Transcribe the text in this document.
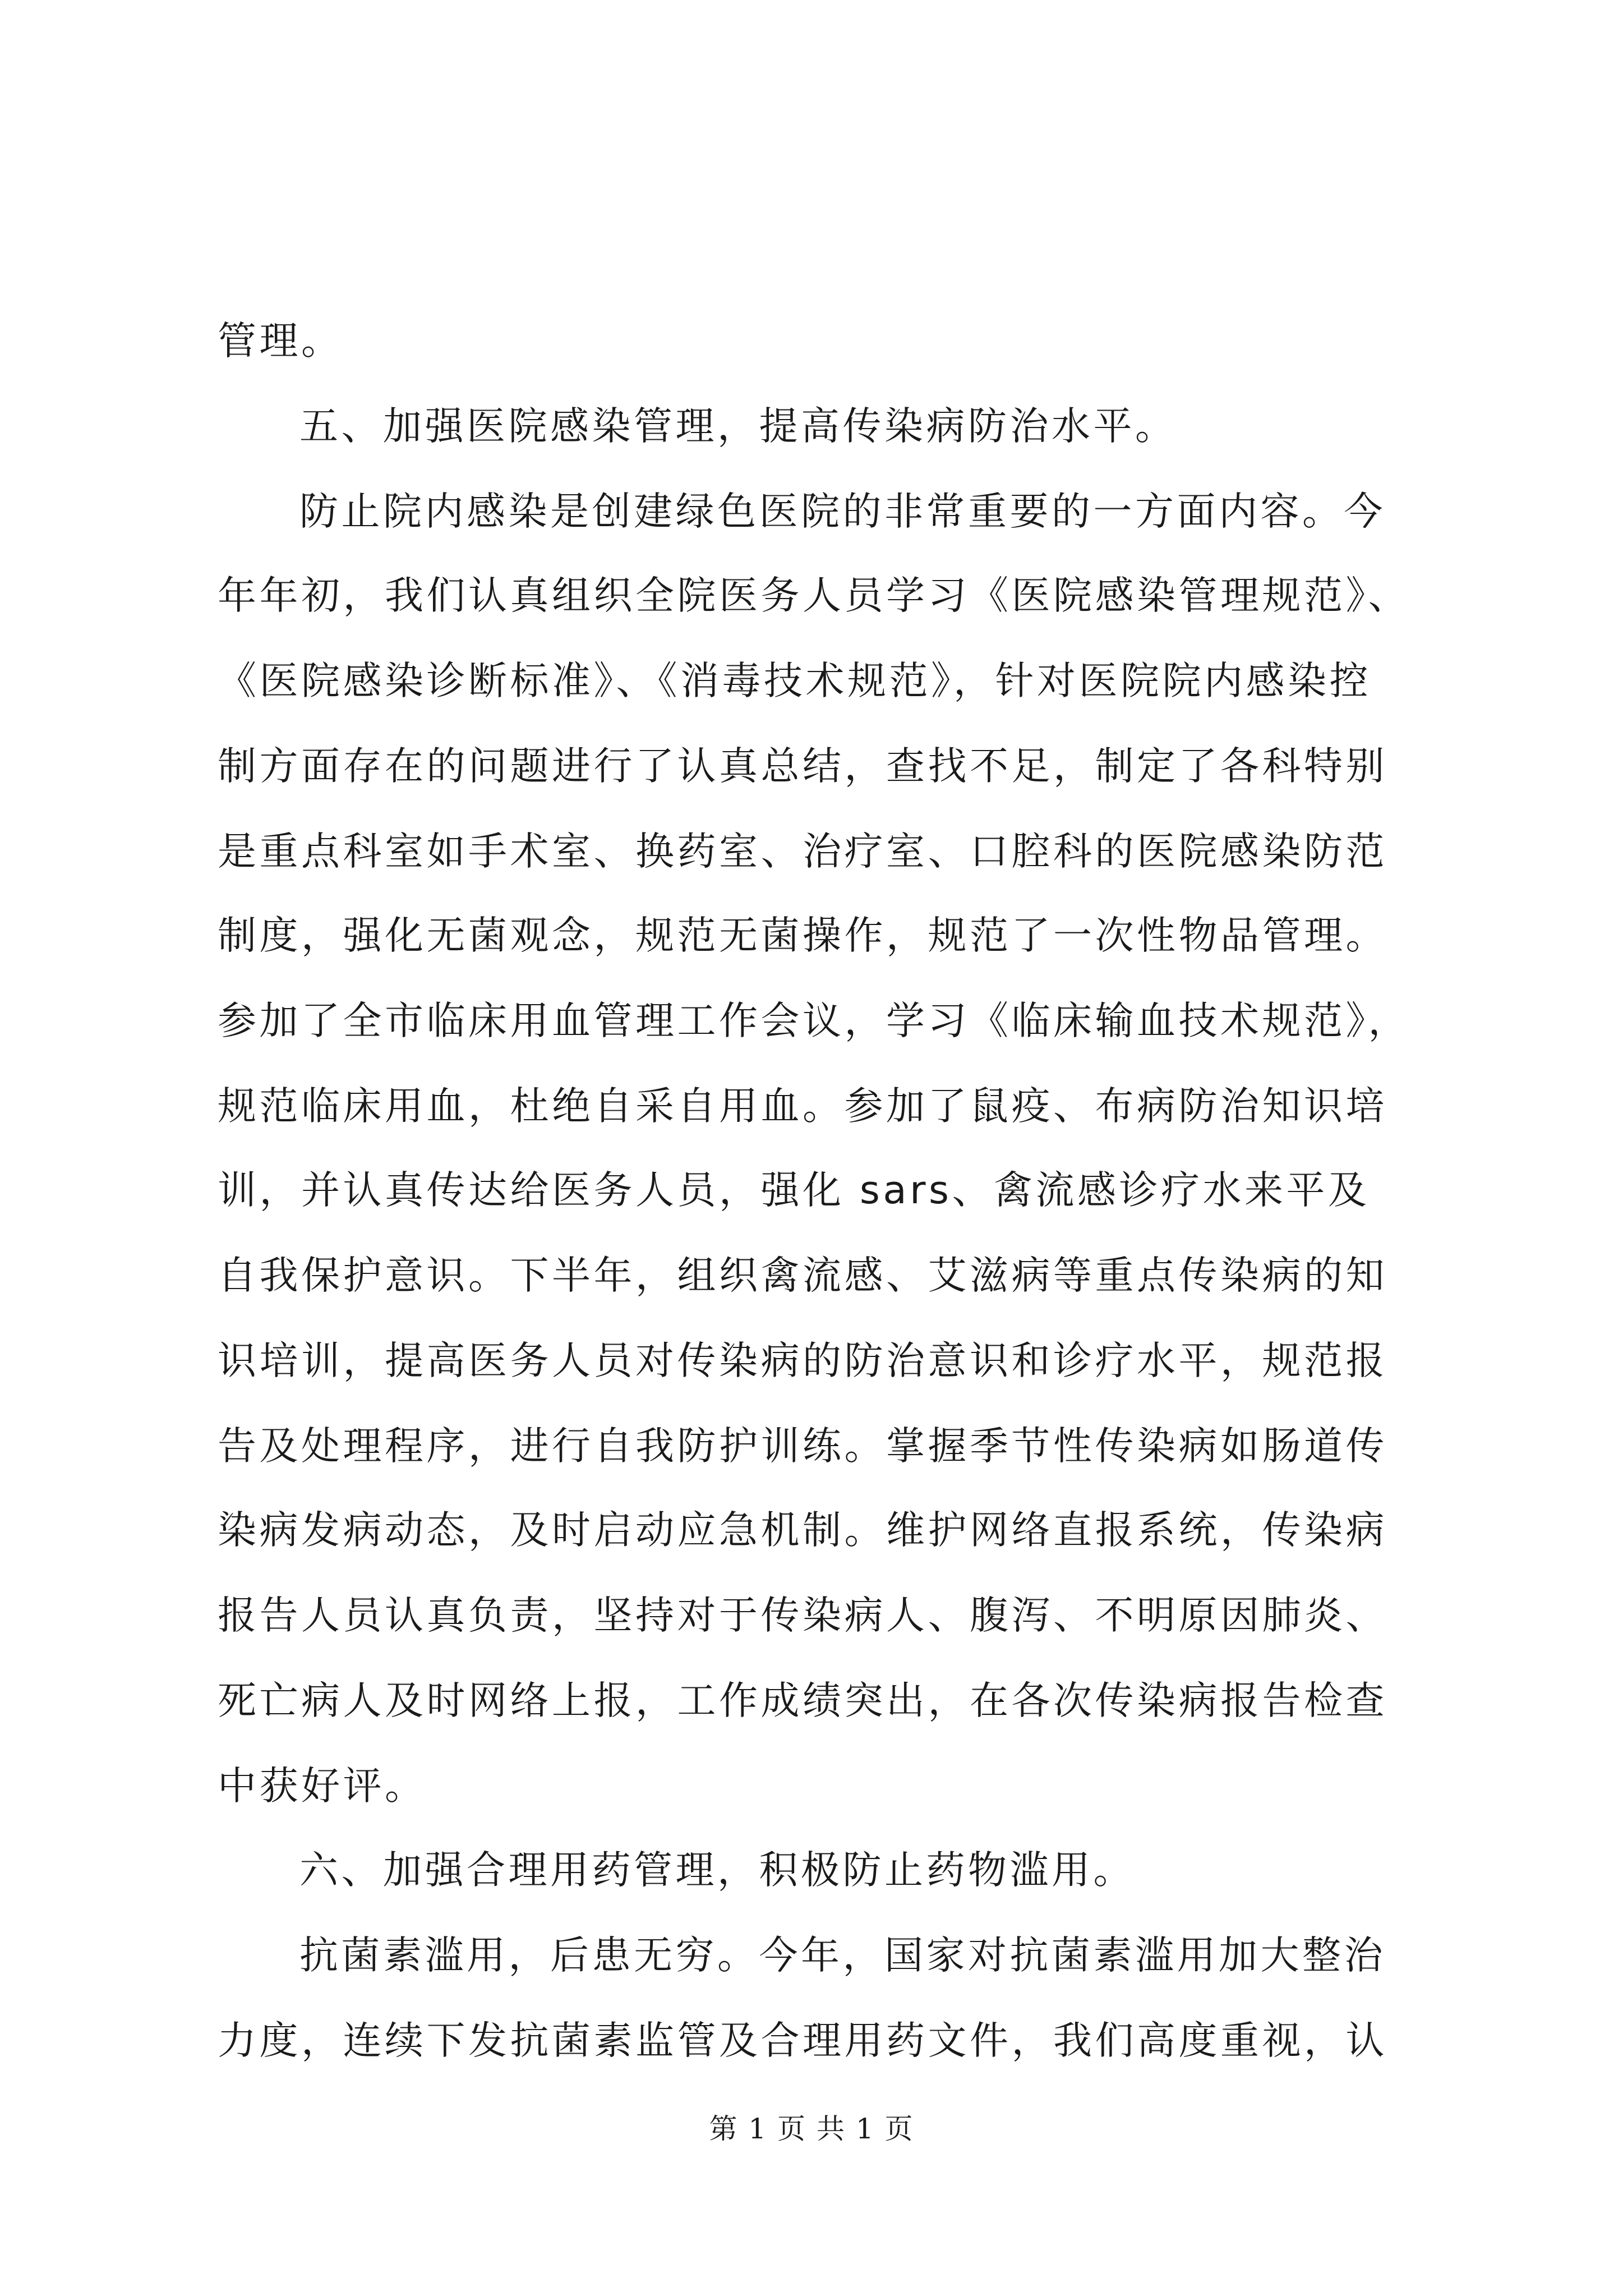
管理。
五、加强医院感染管理，提高传染病防治水平。
防止院内感染是创建绿色医院的非常重要的一方面内容。今
年年初，我们认真组织全院医务人员学习《医院感染管理规范》、
《医院感染诊断标准》、《消毒技术规范》，针对医院院内感染控
制方面存在的问题进行了认真总结，查找不足，制定了各科特别
是重点科室如手术室、换药室、治疗室、口腔科的医院感染防范
制度，强化无菌观念，规范无菌操作，规范了一次性物品管理。
参加了全市临床用血管理工作会议，学习《临床输血技术规范》，
规范临床用血，杜绝自采自用血。参加了鼠疫、布病防治知识培
训，并认真传达给医务人员，强化 sars、禽流感诊疗水来平及
自我保护意识。下半年，组织禽流感、艾滋病等重点传染病的知
识培训，提高医务人员对传染病的防治意识和诊疗水平，规范报
告及处理程序，进行自我防护训练。掌握季节性传染病如肠道传
染病发病动态，及时启动应急机制。维护网络直报系统，传染病
报告人员认真负责，坚持对于传染病人、腹泻、不明原因肺炎、
死亡病人及时网络上报，工作成绩突出，在各次传染病报告检查
中获好评。
六、加强合理用药管理，积极防止药物滥用。
抗菌素滥用，后患无穷。今年，国家对抗菌素滥用加大整治
力度，连续下发抗菌素监管及合理用药文件，我们高度重视，认
第 1 页 共 1 页
